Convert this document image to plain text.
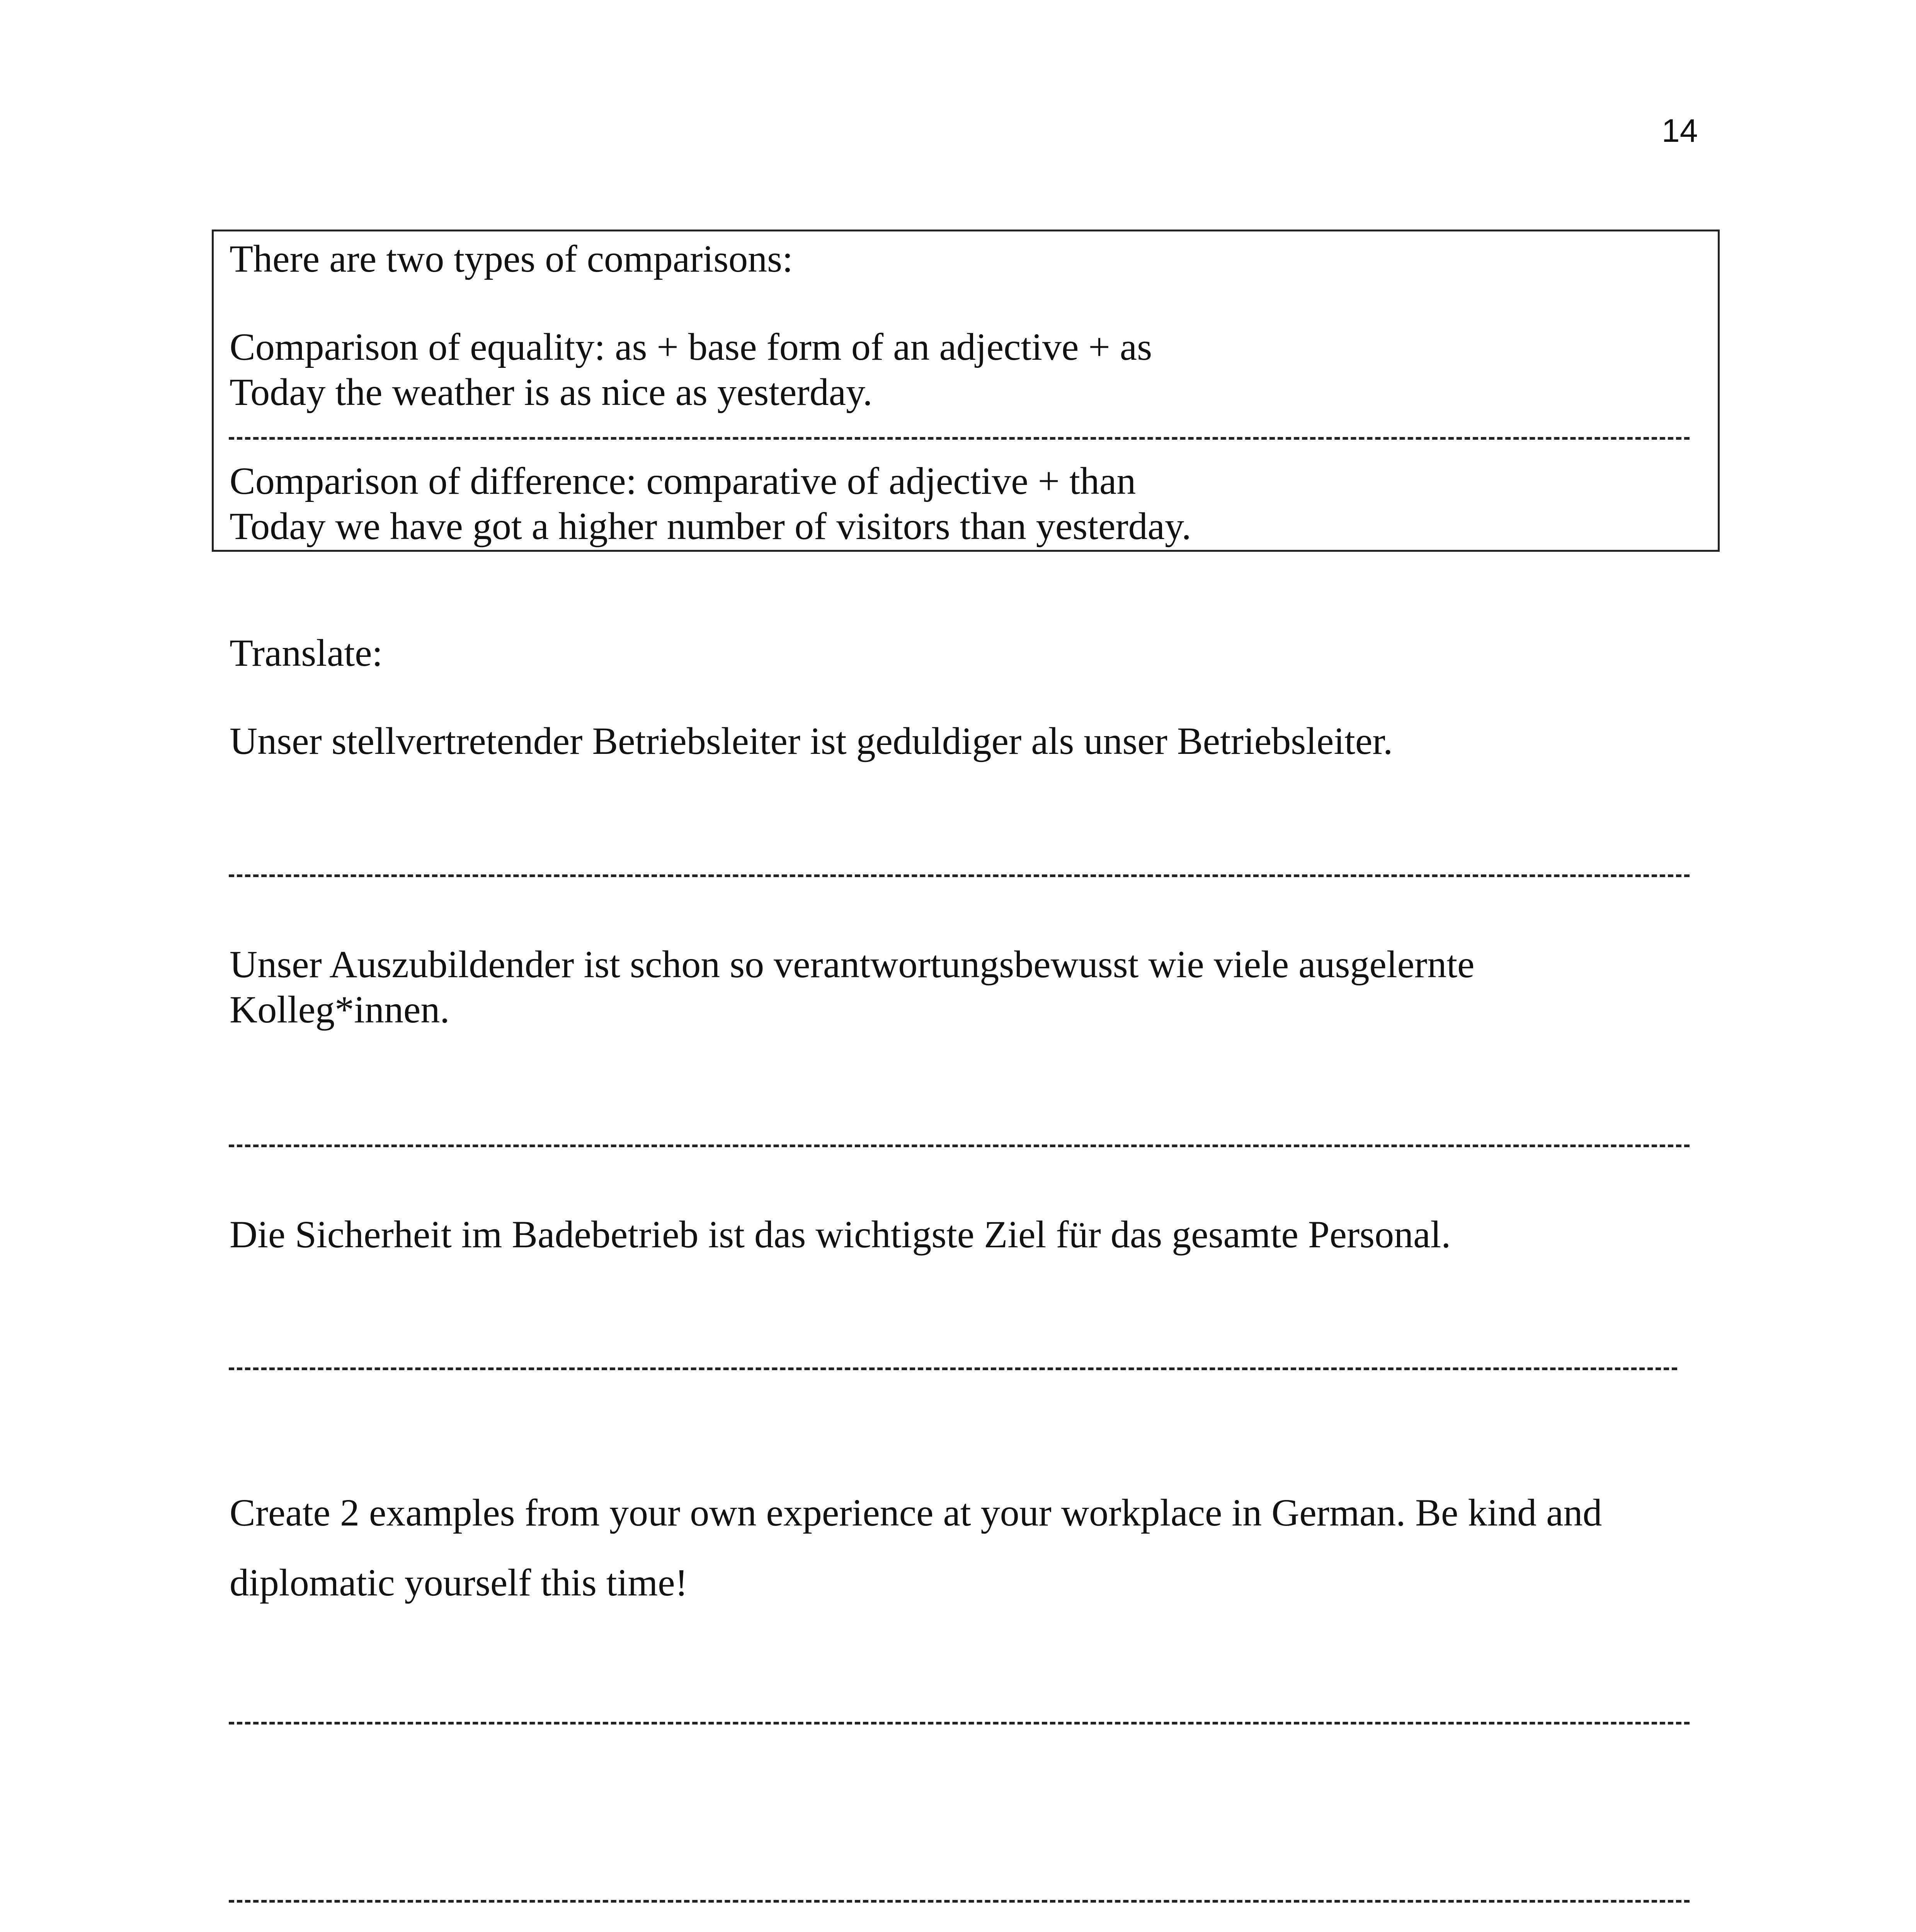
14
There are two types of comparisons:
Comparison of equality: as + base form of an adjective + as
Today the weather is as nice as yesterday.
Comparison of difference: comparative of adjective + than
Today we have got a higher number of visitors than yesterday.
Translate:
Unser stellvertretender Betriebsleiter ist geduldiger als unser Betriebsleiter.
Unser Auszubildender ist schon so verantwortungsbewusst wie viele ausgelernte
Kolleg*innen.
Die Sicherheit im Badebetrieb ist das wichtigste Ziel für das gesamte Personal.
Create 2 examples from your own experience at your workplace in German. Be kind and
diplomatic yourself this time!
